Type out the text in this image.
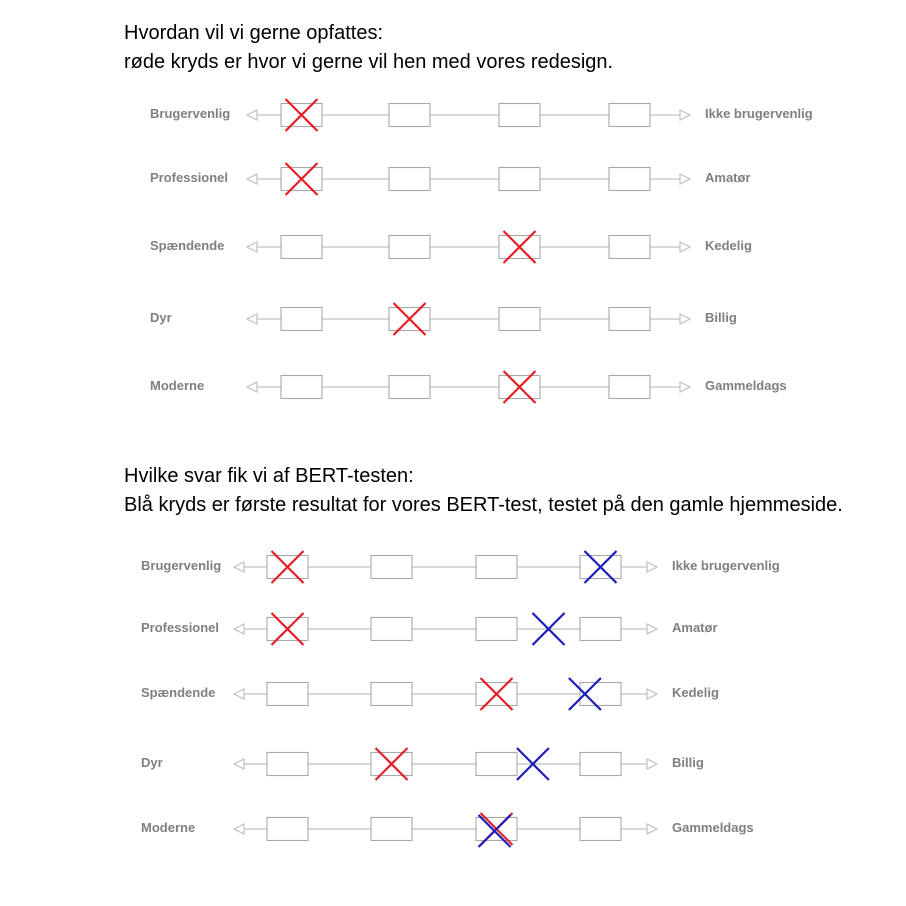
Hvordan vil vi gerne opfattes:
røde kryds er hvor vi gerne vil hen med vores redesign.
Hvilke svar fik vi af BERT-testen:
Blå kryds er første resultat for vores BERT-test, testet på den gamle hjemmeside.
Brugervenlig	Ikke brugervenlig
Professionel	Amatør
Spændende	Kedelig
Dyr	Billig
Moderne	Gammeldags
Brugervenlig	Ikke brugervenlig
Professionel	Amatør
Spændende	Kedelig
Dyr	Billig
Moderne	Gammeldags
